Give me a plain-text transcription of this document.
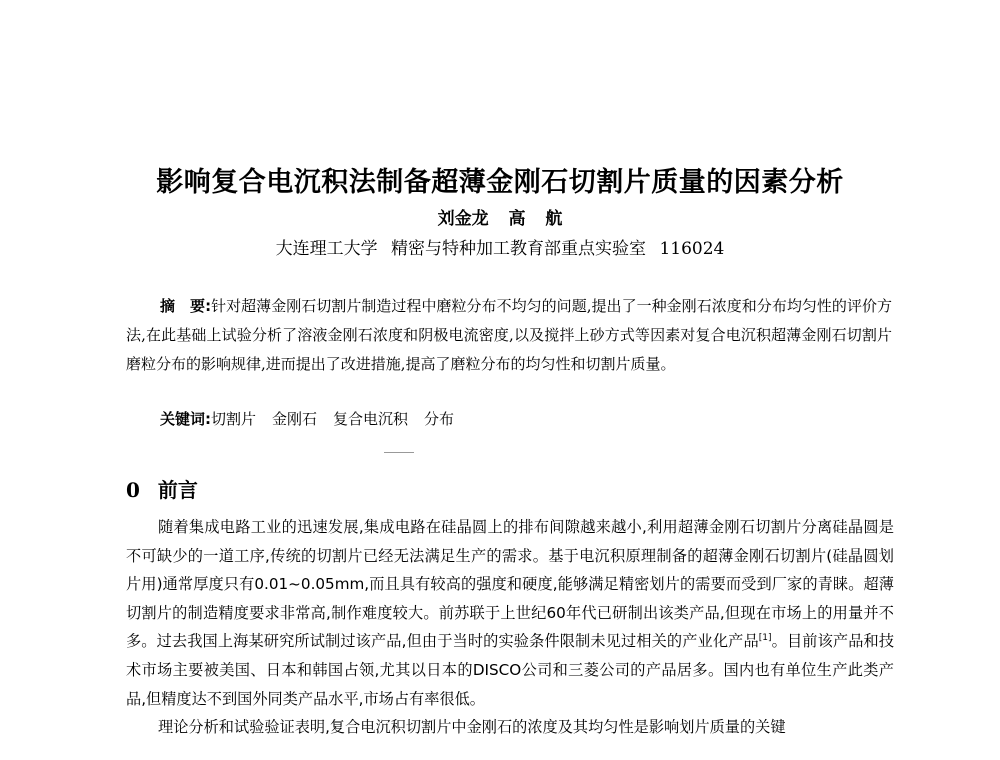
影响复合电沉积法制备超薄金刚石切割片质量的因素分析
刘金龙 高 航
大连理工大学 精密与特种加工教育部重点实验室 116024
摘　要:针对超薄金刚石切割片制造过程中磨粒分布不均匀的问题,提出了一种金刚石浓度和分布均匀性的评价方法,在此基础上试验分析了溶液金刚石浓度和阴极电流密度,以及搅拌上砂方式等因素对复合电沉积超薄金刚石切割片磨粒分布的影响规律,进而提出了改进措施,提高了磨粒分布的均匀性和切割片质量。
关键词:切割片 金刚石 复合电沉积 分布
0 前言

随着集成电路工业的迅速发展,集成电路在硅晶圆上的排布间隙越来越小,利用超薄金刚石切割片分离硅晶圆是不可缺少的一道工序,传统的切割片已经无法满足生产的需求。基于电沉积原理制备的超薄金刚石切割片(硅晶圆划片用)通常厚度只有0.01~0.05mm,而且具有较高的强度和硬度,能够满足精密划片的需要而受到厂家的青睐。超薄切割片的制造精度要求非常高,制作难度较大。前苏联于上世纪60年代已研制出该类产品,但现在市场上的用量并不多。过去我国上海某研究所试制过该产品,但由于当时的实验条件限制未见过相关的产业化产品[1]。目前该产品和技术市场主要被美国、日本和韩国占领,尤其以日本的DISCO公司和三菱公司的产品居多。国内也有单位生产此类产品,但精度达不到国外同类产品水平,市场占有率很低。

理论分析和试验验证表明,复合电沉积切割片中金刚石的浓度及其均匀性是影响划片质量的关键
